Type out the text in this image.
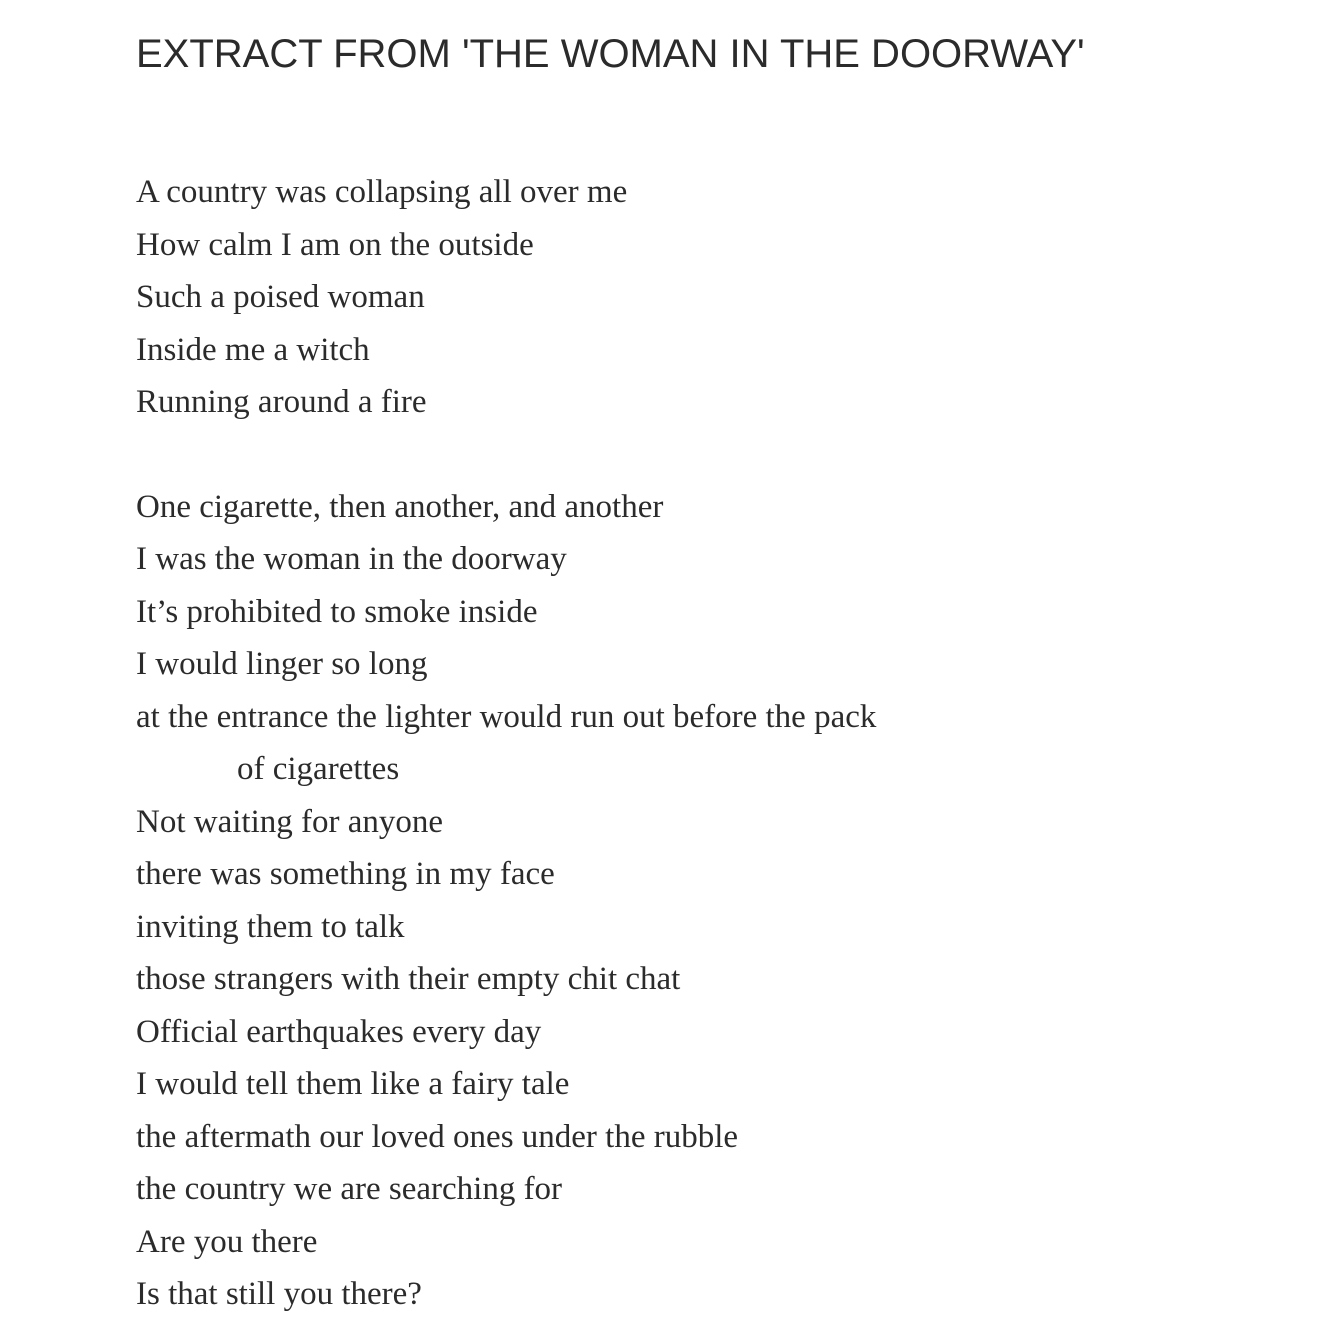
EXTRACT FROM 'THE WOMAN IN THE DOORWAY'
A country was collapsing all over me
How calm I am on the outside
Such a poised woman
Inside me a witch
Running around a fire
One cigarette, then another, and another
I was the woman in the doorway
It’s prohibited to smoke inside
I would linger so long
at the entrance the lighter would run out before the pack
of cigarettes
Not waiting for anyone
there was something in my face
inviting them to talk
those strangers with their empty chit chat
Official earthquakes every day
I would tell them like a fairy tale
the aftermath our loved ones under the rubble
the country we are searching for
Are you there
Is that still you there?
